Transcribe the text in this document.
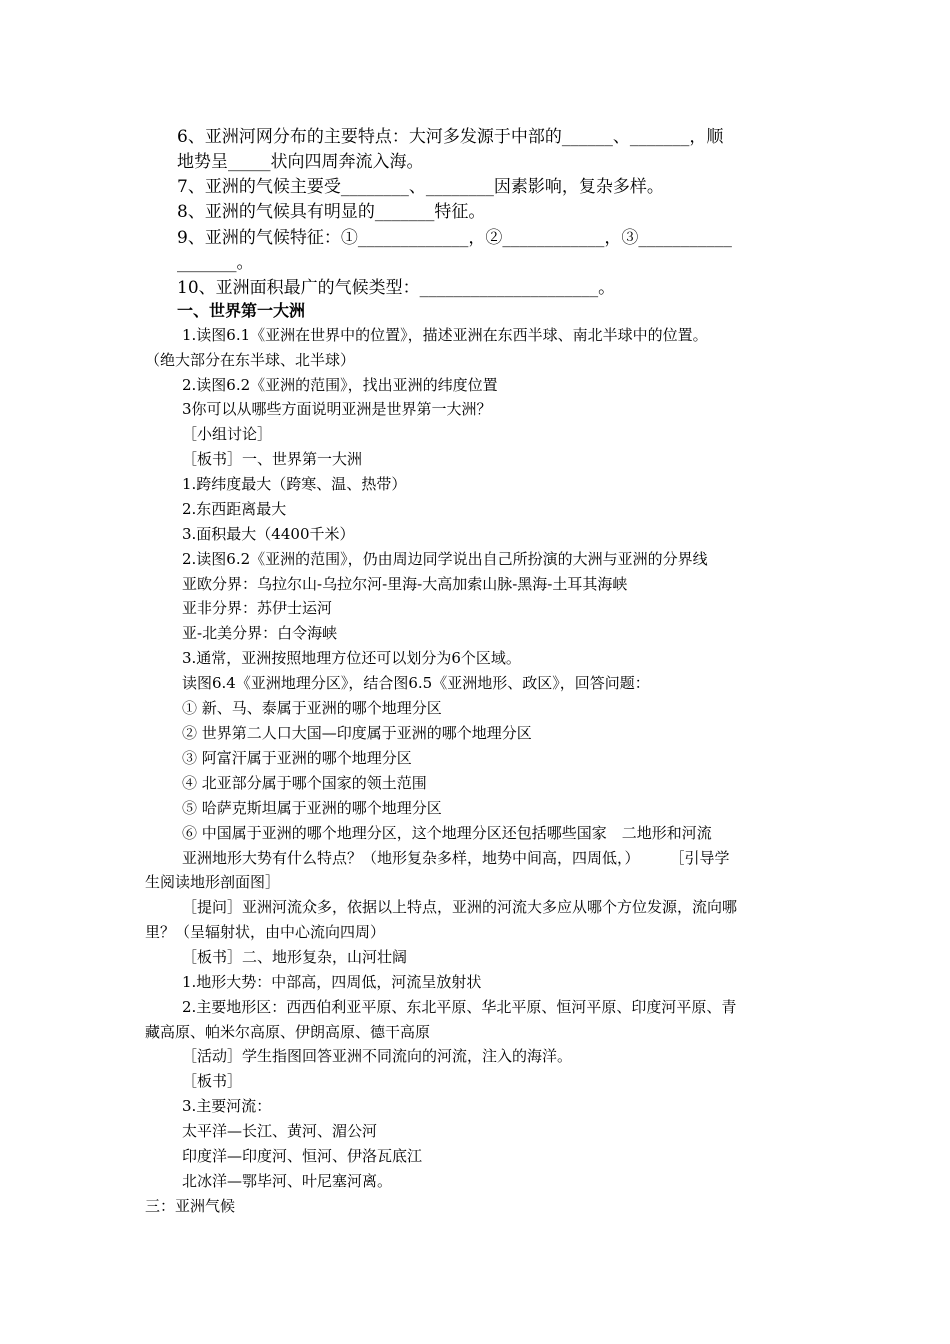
6、亚洲河网分布的主要特点：大河多发源于中部的______、_______，顺
地势呈_____状向四周奔流入海。
7、亚洲的气候主要受________、________因素影响，复杂多样。
8、亚洲的气候具有明显的_______特征。
9、亚洲的气候特征：①_____________，②____________，③___________
_______。
10、亚洲面积最广的气候类型：_____________________。
一、世界第一大洲
1.读图6.1《亚洲在世界中的位置》，描述亚洲在东西半球、南北半球中的位置。
（绝大部分在东半球、北半球）
2.读图6.2《亚洲的范围》，找出亚洲的纬度位置
3你可以从哪些方面说明亚洲是世界第一大洲？
［小组讨论］
［板书］一、世界第一大洲
1.跨纬度最大（跨寒、温、热带）
2.东西距离最大
3.面积最大（4400千米）
2.读图6.2《亚洲的范围》，仍由周边同学说出自己所扮演的大洲与亚洲的分界线
亚欧分界：乌拉尔山-乌拉尔河-里海-大高加索山脉-黑海-土耳其海峡
亚非分界：苏伊士运河
亚-北美分界：白令海峡
3.通常，亚洲按照地理方位还可以划分为6个区域。
读图6.4《亚洲地理分区》，结合图6.5《亚洲地形、政区》，回答问题：
① 新、马、泰属于亚洲的哪个地理分区
② 世界第二人口大国—印度属于亚洲的哪个地理分区
③ 阿富汗属于亚洲的哪个地理分区
④ 北亚部分属于哪个国家的领土范围
⑤ 哈萨克斯坦属于亚洲的哪个地理分区
⑥ 中国属于亚洲的哪个地理分区，这个地理分区还包括哪些国家　二地形和河流
亚洲地形大势有什么特点？（地形复杂多样，地势中间高，四周低，）　　　［引导学
生阅读地形剖面图］
［提问］亚洲河流众多，依据以上特点，亚洲的河流大多应从哪个方位发源，流向哪
里？（呈辐射状，由中心流向四周）
［板书］二、地形复杂，山河壮阔
1.地形大势：中部高，四周低，河流呈放射状
2.主要地形区：西西伯利亚平原、东北平原、华北平原、恒河平原、印度河平原、青
藏高原、帕米尔高原、伊朗高原、德干高原
［活动］学生指图回答亚洲不同流向的河流，注入的海洋。
［板书］
3.主要河流：
太平洋—长江、黄河、湄公河
印度洋—印度河、恒河、伊洛瓦底江
北冰洋—鄂毕河、叶尼塞河离。
三：亚洲气候
